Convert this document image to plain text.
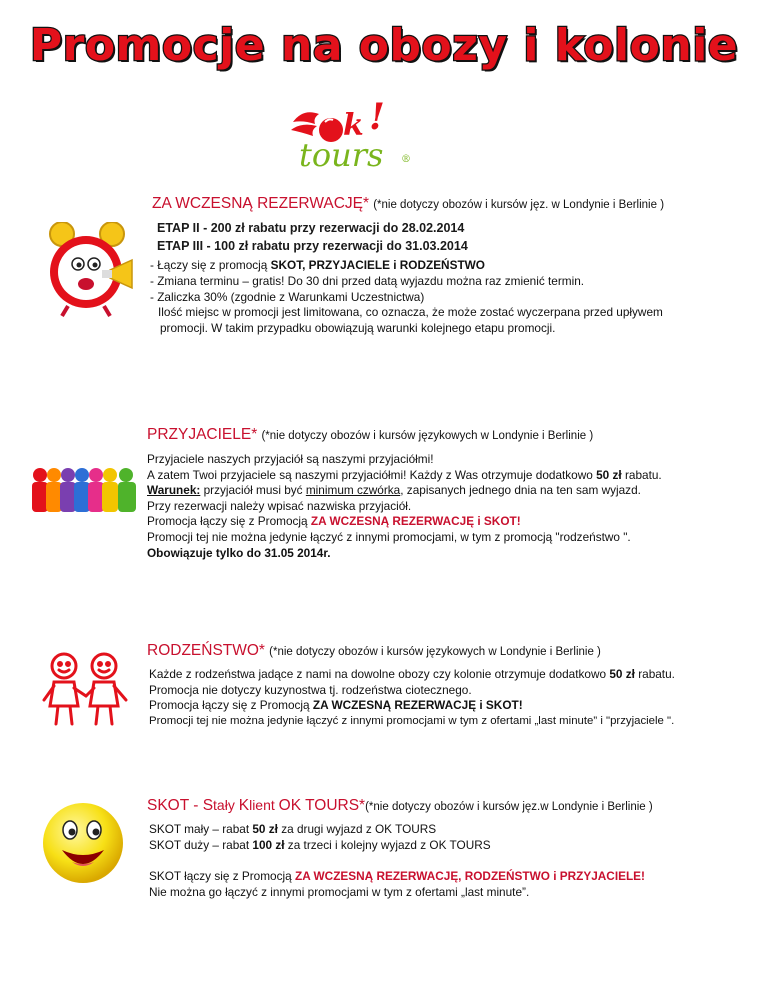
Promocje na obozy i kolonie
k !
tours ®
ZA WCZESNĄ REZERWACJĘ* (*nie dotyczy obozów i kursów jęz. w Londynie i Berlinie )
ETAP II - 200 zł rabatu przy rezerwacji do 28.02.2014
ETAP III - 100 zł rabatu przy rezerwacji do 31.03.2014
- Łączy się z promocją SKOT, PRZYJACIELE i RODZEŃSTWO
- Zmiana terminu – gratis! Do 30 dni przed datą wyjazdu można raz zmienić termin.
- Zaliczka 30% (zgodnie z Warunkami Uczestnictwa)
Ilość miejsc w promocji jest limitowana, co oznacza, że może zostać wyczerpana przed upływem
promocji. W takim przypadku obowiązują warunki kolejnego etapu promocji.
PRZYJACIELE* (*nie dotyczy obozów i kursów językowych w Londynie i Berlinie )
Przyjaciele naszych przyjaciół są naszymi przyjaciółmi!
A zatem Twoi przyjaciele są naszymi przyjaciółmi! Każdy z Was otrzymuje dodatkowo 50 zł rabatu.
Warunek: przyjaciół musi być minimum czwórka, zapisanych jednego dnia na ten sam wyjazd.
Przy rezerwacji należy wpisać nazwiska przyjaciół.
Promocja łączy się z Promocją ZA WCZESNĄ REZERWACJĘ i SKOT!
Promocji tej nie można jedynie łączyć z innymi promocjami, w tym z promocją "rodzeństwo ".
Obowiązuje tylko do 31.05 2014r.
RODZEŃSTWO* (*nie dotyczy obozów i kursów językowych w Londynie i Berlinie )
Każde z rodzeństwa jadące z nami na dowolne obozy czy kolonie otrzymuje dodatkowo 50 zł rabatu.
Promocja nie dotyczy kuzynostwa tj. rodzeństwa ciotecznego.
Promocja łączy się z Promocją ZA WCZESNĄ REZERWACJĘ i SKOT!
Promocji tej nie można jedynie łączyć z innymi promocjami w tym z ofertami „last minute” i "przyjaciele ".
SKOT - Stały Klient OK TOURS*(*nie dotyczy obozów i kursów jęz.w Londynie i Berlinie )
SKOT mały – rabat 50 zł za drugi wyjazd z OK TOURS
SKOT duży – rabat 100 zł za trzeci i kolejny wyjazd z OK TOURS
SKOT łączy się z Promocją ZA WCZESNĄ REZERWACJĘ, RODZEŃSTWO i PRZYJACIELE!
Nie można go łączyć z innymi promocjami w tym z ofertami „last minute”.
